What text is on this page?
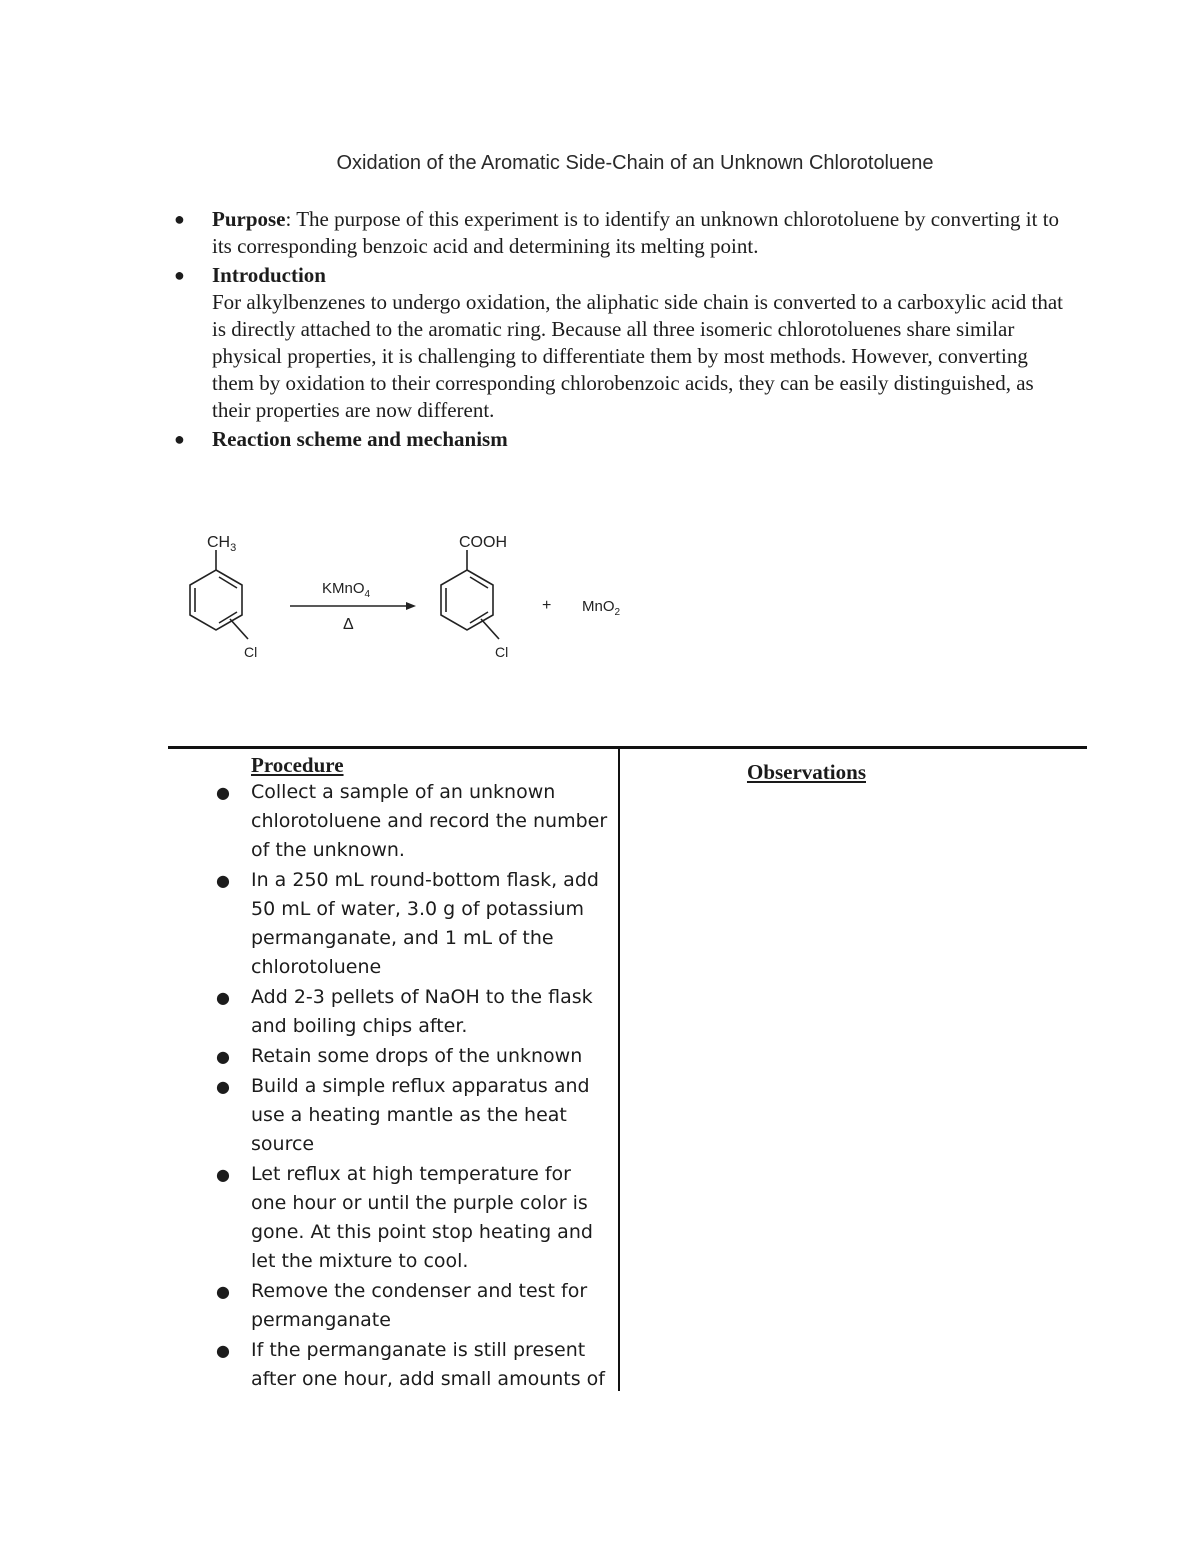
Oxidation of the Aromatic Side-Chain of an Unknown Chlorotoluene
● Purpose: The purpose of this experiment is to identify an unknown chlorotoluene by converting it to its corresponding benzoic acid and determining its melting point.
● Introduction
For alkylbenzenes to undergo oxidation, the aliphatic side chain is converted to a carboxylic acid that is directly attached to the aromatic ring. Because all three isomeric chlorotoluenes share similar physical properties, it is challenging to differentiate them by most methods. However, converting them by oxidation to their corresponding chlorobenzoic acids, they can be easily distinguished, as their properties are now different.
● Reaction scheme and mechanism
$CH_3$
Cl
KMnO$_4$
Δ
COOH
Cl
+ MnO$_2$
Procedure
● Collect a sample of an unknown chlorotoluene and record the number of the unknown.
● In a 250 mL round-bottom flask, add 50 mL of water, 3.0 g of potassium permanganate, and 1 mL of the chlorotoluene
● Add 2-3 pellets of NaOH to the flask and boiling chips after.
● Retain some drops of the unknown
● Build a simple reflux apparatus and use a heating mantle as the heat source
● Let reflux at high temperature for one hour or until the purple color is gone. At this point stop heating and let the mixture to cool.
● Remove the condenser and test for permanganate
● If the permanganate is still present after one hour, add small amounts of
Observations
